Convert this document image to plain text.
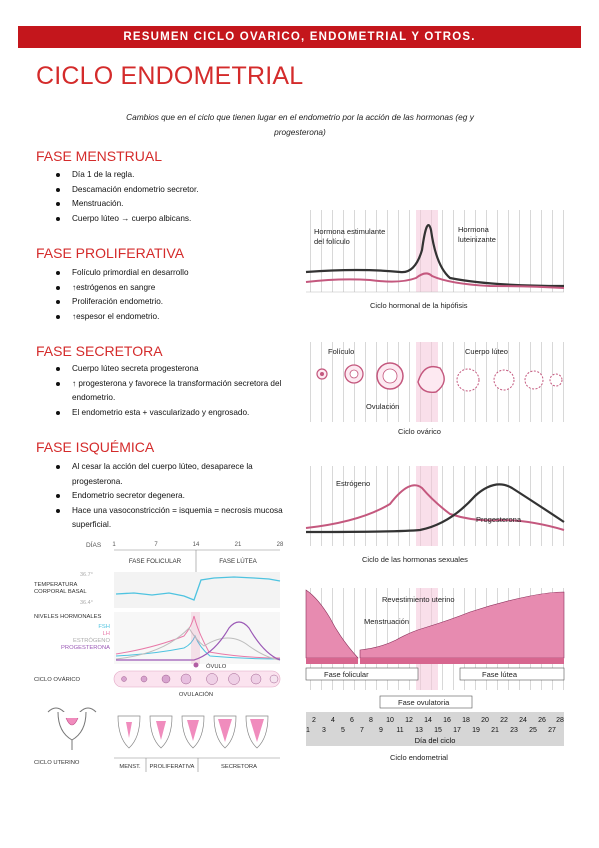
RESUMEN CICLO OVARICO, ENDOMETRIAL Y OTROS.
CICLO ENDOMETRIAL
Cambios que en el ciclo que tienen lugar en el endometrio por la acción de las hormonas (eg y progesterona)
FASE MENSTRUAL
Día 1 de la regla.
Descamación endometrio secretor.
Menstruación.
Cuerpo lúteo → cuerpo albicans.
FASE PROLIFERATIVA
Folículo primordial en desarrollo
↑estrógenos en sangre
Proliferación endometrio.
↑espesor el endometrio.
FASE SECRETORA
Cuerpo lúteo secreta progesterona
↑ progesterona y favorece la transformación secretora del endometrio.
El endometrio esta + vascularizado y engrosado.
FASE ISQUÉMICA
Al cesar la acción del cuerpo lúteo, desaparece la progesterona.
Endometrio secretor degenera.
Hace una vasoconstricción = isquemia = necrosis mucosa superficial.
DÍAS 1	7	14	21	28
FASE FOLICULAR	FASE LÚTEA
36.7°
TEMPERATURA
CORPORAL BASAL
36.4°
NIVELES HORMONALES
FSH
LH
ESTRÓGENO
PROGESTERONA
CICLO OVÁRICO
ÓVULO
OVULACIÓN
CICLO UTERINO
MENST. PROLIFERATIVA	SECRETORA
Hormona estimulante
del folículo
Hormona
luteinizante
Ciclo hormonal de la hipófisis
Folículo	Cuerpo lúteo
Ovulación
Ciclo ovárico
Estrógeno
Progesterona
Ciclo de las hormonas sexuales
Revestimiento uterino
Menstruación
Fase folicular	Fase lútea
Fase ovulatoria
2 4 6 8 10 12 14 16 18 20 22 24 26 28
1 3 5 7 9 11 13 15 17 19 21 23 25 27
Día del ciclo
Ciclo endometrial
